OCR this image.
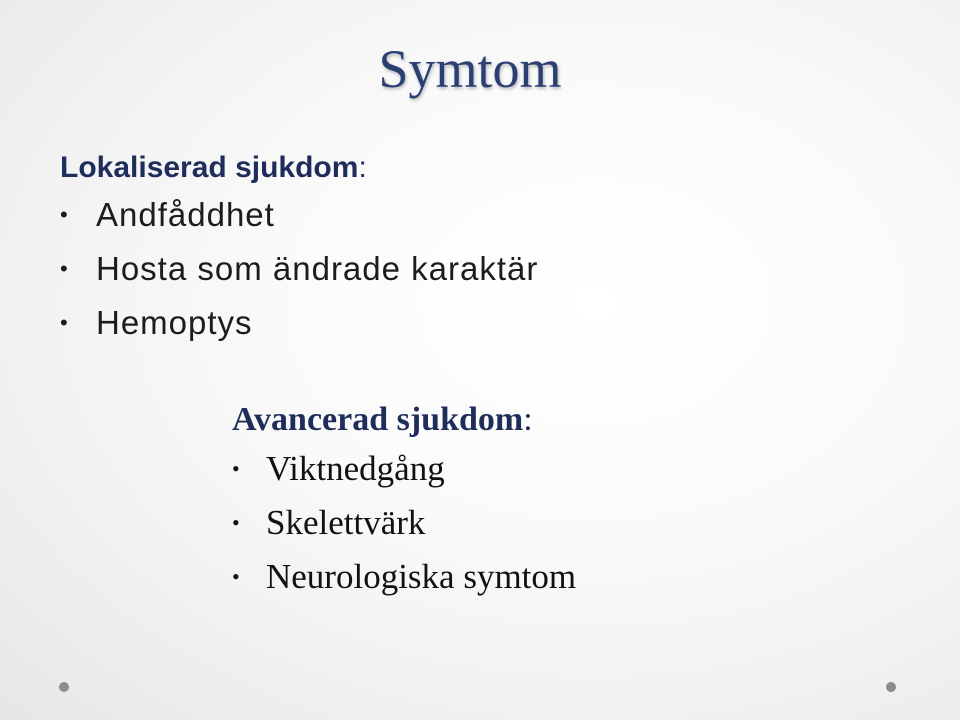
Symtom
Lokaliserad sjukdom:
• Andfåddhet
• Hosta som ändrade karaktär
• Hemoptys
Avancerad sjukdom:
• Viktnedgång
• Skelettvärk
• Neurologiska symtom
